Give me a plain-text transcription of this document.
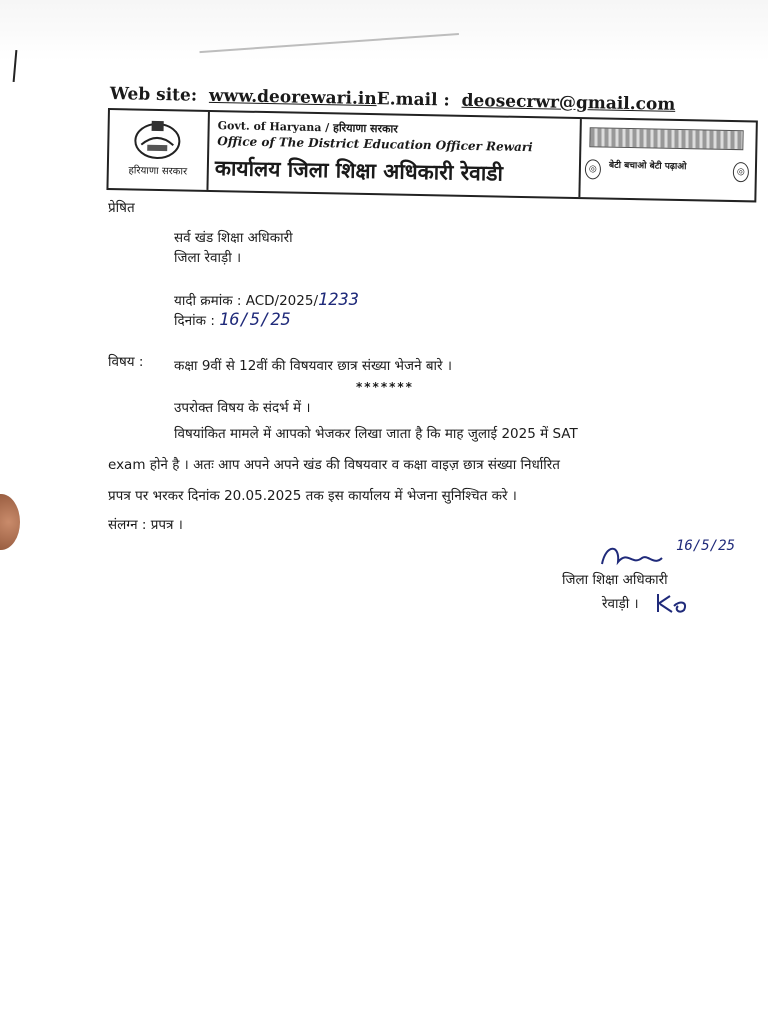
Web site: www.deorewari.inE.mail : deosecrwr@gmail.com
हरियाणा सरकार
Govt. of Haryana / हरियाणा सरकार
Office of The District Education Officer Rewari
कार्यालय जिला शिक्षा अधिकारी रेवाडी	◎	बेटी बचाओ बेटी पढ़ाओ
◎
प्रेषित
सर्व खंड शिक्षा अधिकारी
जिला रेवाड़ी ।
यादी क्रमांक : ACD/2025/1233
दिनांक : 16/5/25
विषय : कक्षा 9वीं से 12वीं की विषयवार छात्र संख्या भेजने बारे ।
*******
उपरोक्त विषय के संदर्भ में ।
विषयांकित मामले में आपको भेजकर लिखा जाता है कि माह जुलाई 2025 में SAT
exam होने है । अतः आप अपने अपने खंड की विषयवार व कक्षा वाइज़ छात्र संख्या निर्धारित
प्रपत्र पर भरकर दिनांक 20.05.2025 तक इस कार्यालय में भेजना सुनिश्चित करे ।
संलग्न : प्रपत्र ।
16/5/25
जिला शिक्षा अधिकारी
रेवाड़ी ।
